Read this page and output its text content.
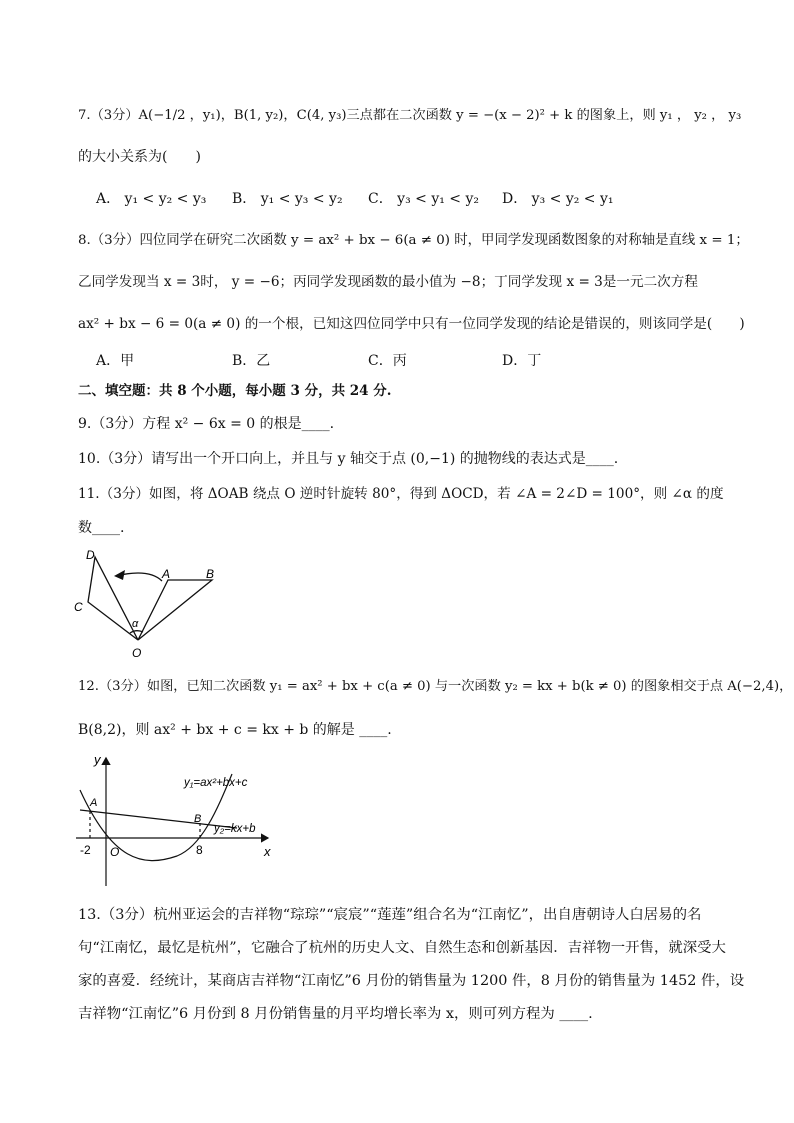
7.（3分）A(−1/2 ，y₁)，B(1, y₂)，C(4, y₃)三点都在二次函数 y = −(x − 2)² + k 的图象上，则 y₁ ， y₂ ， y₃
的大小关系为(　　)
A． y₁ < y₂ < y₃ B． y₁ < y₃ < y₂ C． y₃ < y₁ < y₂ D． y₃ < y₂ < y₁
8.（3分）四位同学在研究二次函数 y = ax² + bx − 6(a ≠ 0) 时，甲同学发现函数图象的对称轴是直线 x = 1；
乙同学发现当 x = 3时， y = −6；丙同学发现函数的最小值为 −8；丁同学发现 x = 3是一元二次方程
ax² + bx − 6 = 0(a ≠ 0) 的一个根，已知这四位同学中只有一位同学发现的结论是错误的，则该同学是(　　)
A．甲	B．乙	C．丙	D．丁
二、填空题：共 8 个小题，每小题 3 分，共 24 分.
9.（3分）方程 x² − 6x = 0 的根是____.
10.（3分）请写出一个开口向上，并且与 y 轴交于点 (0,−1) 的抛物线的表达式是____.
11.（3分）如图，将 ΔOAB 绕点 O 逆时针旋转 80°，得到 ΔOCD，若 ∠A = 2∠D = 100°，则 ∠α 的度
数____.
D
A	B
C
α
O
12.（3分）如图，已知二次函数 y₁ = ax² + bx + c(a ≠ 0) 与一次函数 y₂ = kx + b(k ≠ 0) 的图象相交于点 A(−2,4)，
B(8,2)，则 ax² + bx + c = kx + b 的解是 ____.
y
x
y₁=ax²+bx+c
y₂=kx+b
A
B
-2 O	8
13.（3分）杭州亚运会的吉祥物“琮琮”“宸宸”“莲莲”组合名为“江南忆”，出自唐朝诗人白居易的名
句“江南忆，最忆是杭州”，它融合了杭州的历史人文、自然生态和创新基因．吉祥物一开售，就深受大
家的喜爱．经统计，某商店吉祥物“江南忆”6 月份的销售量为 1200 件，8 月份的销售量为 1452 件，设
吉祥物“江南忆”6 月份到 8 月份销售量的月平均增长率为 x，则可列方程为 ____.
